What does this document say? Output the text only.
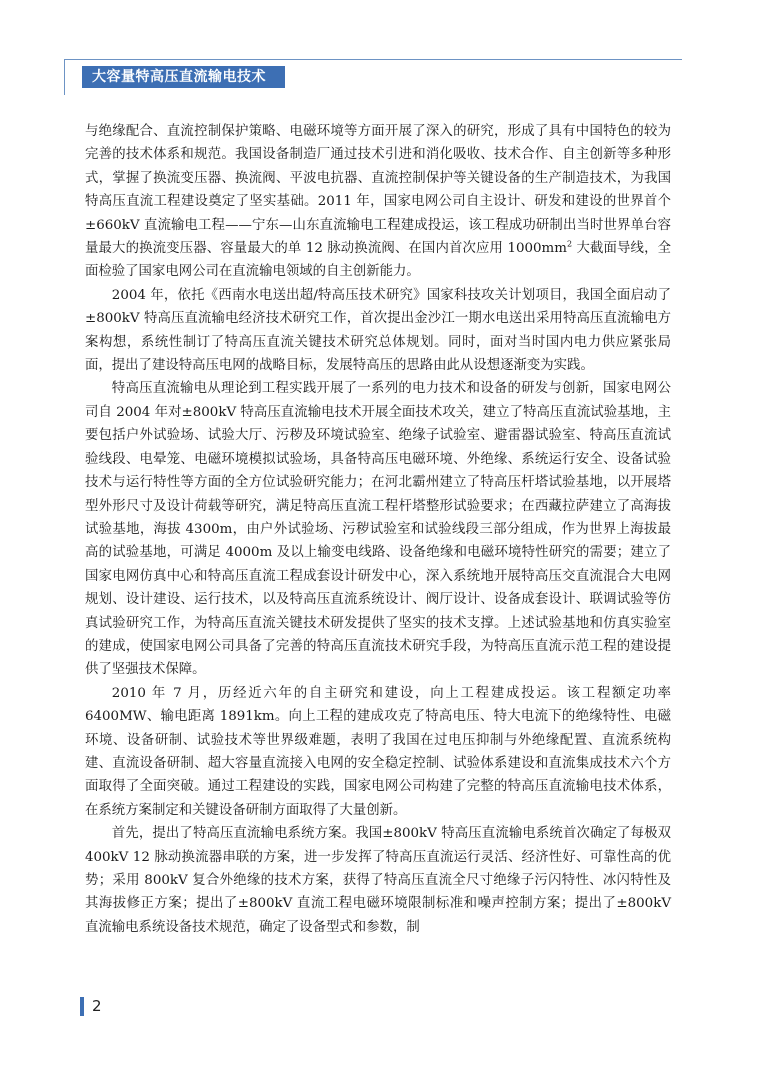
大容量特高压直流输电技术

与绝缘配合、直流控制保护策略、电磁环境等方面开展了深入的研究，形成了具有中国特色的较为完善的技术体系和规范。我国设备制造厂通过技术引进和消化吸收、技术合作、自主创新等多种形式，掌握了换流变压器、换流阀、平波电抗器、直流控制保护等关键设备的生产制造技术，为我国特高压直流工程建设奠定了坚实基础。2011 年，国家电网公司自主设计、研发和建设的世界首个±660kV 直流输电工程——宁东—山东直流输电工程建成投运，该工程成功研制出当时世界单台容量最大的换流变压器、容量最大的单 12 脉动换流阀、在国内首次应用 $1000mm^2$ 大截面导线，全面检验了国家电网公司在直流输电领域的自主创新能力。

2004 年，依托《西南水电送出超/特高压技术研究》国家科技攻关计划项目，我国全面启动了±800kV 特高压直流输电经济技术研究工作，首次提出金沙江一期水电送出采用特高压直流输电方案构想，系统性制订了特高压直流关键技术研究总体规划。同时，面对当时国内电力供应紧张局面，提出了建设特高压电网的战略目标，发展特高压的思路由此从设想逐渐变为实践。

特高压直流输电从理论到工程实践开展了一系列的电力技术和设备的研发与创新，国家电网公司自 2004 年对±800kV 特高压直流输电技术开展全面技术攻关，建立了特高压直流试验基地，主要包括户外试验场、试验大厅、污秽及环境试验室、绝缘子试验室、避雷器试验室、特高压直流试验线段、电晕笼、电磁环境模拟试验场，具备特高压电磁环境、外绝缘、系统运行安全、设备试验技术与运行特性等方面的全方位试验研究能力；在河北霸州建立了特高压杆塔试验基地，以开展塔型外形尺寸及设计荷载等研究，满足特高压直流工程杆塔整形试验要求；在西藏拉萨建立了高海拔试验基地，海拔 4300m，由户外试验场、污秽试验室和试验线段三部分组成，作为世界上海拔最高的试验基地，可满足 4000m 及以上输变电线路、设备绝缘和电磁环境特性研究的需要；建立了国家电网仿真中心和特高压直流工程成套设计研发中心，深入系统地开展特高压交直流混合大电网规划、设计建设、运行技术，以及特高压直流系统设计、阀厅设计、设备成套设计、联调试验等仿真试验研究工作，为特高压直流关键技术研发提供了坚实的技术支撑。上述试验基地和仿真实验室的建成，使国家电网公司具备了完善的特高压直流技术研究手段，为特高压直流示范工程的建设提供了坚强技术保障。

2010 年 7 月，历经近六年的自主研究和建设，向上工程建成投运。该工程额定功率 6400MW、输电距离 1891km。向上工程的建成攻克了特高电压、特大电流下的绝缘特性、电磁环境、设备研制、试验技术等世界级难题，表明了我国在过电压抑制与外绝缘配置、直流系统构建、直流设备研制、超大容量直流接入电网的安全稳定控制、试验体系建设和直流集成技术六个方面取得了全面突破。通过工程建设的实践，国家电网公司构建了完整的特高压直流输电技术体系，在系统方案制定和关键设备研制方面取得了大量创新。

首先，提出了特高压直流输电系统方案。我国±800kV 特高压直流输电系统首次确定了每极双 400kV 12 脉动换流器串联的方案，进一步发挥了特高压直流运行灵活、经济性好、可靠性高的优势；采用 800kV 复合外绝缘的技术方案，获得了特高压直流全尺寸绝缘子污闪特性、冰闪特性及其海拔修正方案；提出了±800kV 直流工程电磁环境限制标准和噪声控制方案；提出了±800kV 直流输电系统设备技术规范，确定了设备型式和参数，制

2
